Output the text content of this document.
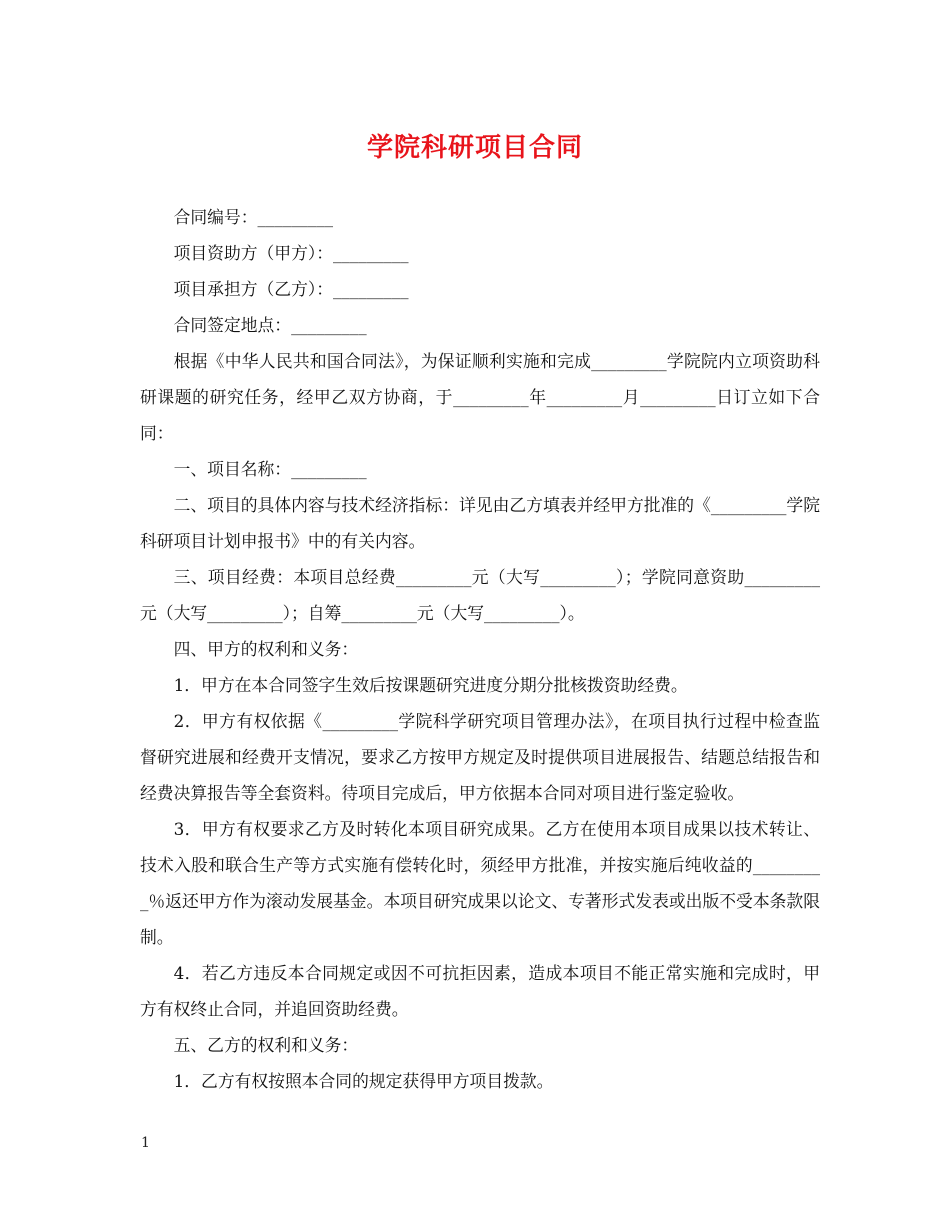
学院科研项目合同

合同编号：_________

项目资助方（甲方）：_________

项目承担方（乙方）：_________

合同签定地点：_________

根据《中华人民共和国合同法》，为保证顺利实施和完成_________学院院内立项资助科研课题的研究任务，经甲乙双方协商，于_________年_________月_________日订立如下合同：

一、项目名称：_________

二、项目的具体内容与技术经济指标：详见由乙方填表并经甲方批准的《_________学院科研项目计划申报书》中的有关内容。

三、项目经费：本项目总经费_________元（大写_________）；学院同意资助_________元（大写_________）；自筹_________元（大写_________）。

四、甲方的权利和义务：

1．甲方在本合同签字生效后按课题研究进度分期分批核拨资助经费。

2．甲方有权依据《_________学院科学研究项目管理办法》，在项目执行过程中检查监督研究进展和经费开支情况，要求乙方按甲方规定及时提供项目进展报告、结题总结报告和经费决算报告等全套资料。待项目完成后，甲方依据本合同对项目进行鉴定验收。

3．甲方有权要求乙方及时转化本项目研究成果。乙方在使用本项目成果以技术转让、技术入股和联合生产等方式实施有偿转化时，须经甲方批准，并按实施后纯收益的_________％返还甲方作为滚动发展基金。本项目研究成果以论文、专著形式发表或出版不受本条款限制。

4．若乙方违反本合同规定或因不可抗拒因素，造成本项目不能正常实施和完成时，甲方有权终止合同，并追回资助经费。

五、乙方的权利和义务：

1．乙方有权按照本合同的规定获得甲方项目拨款。

1
